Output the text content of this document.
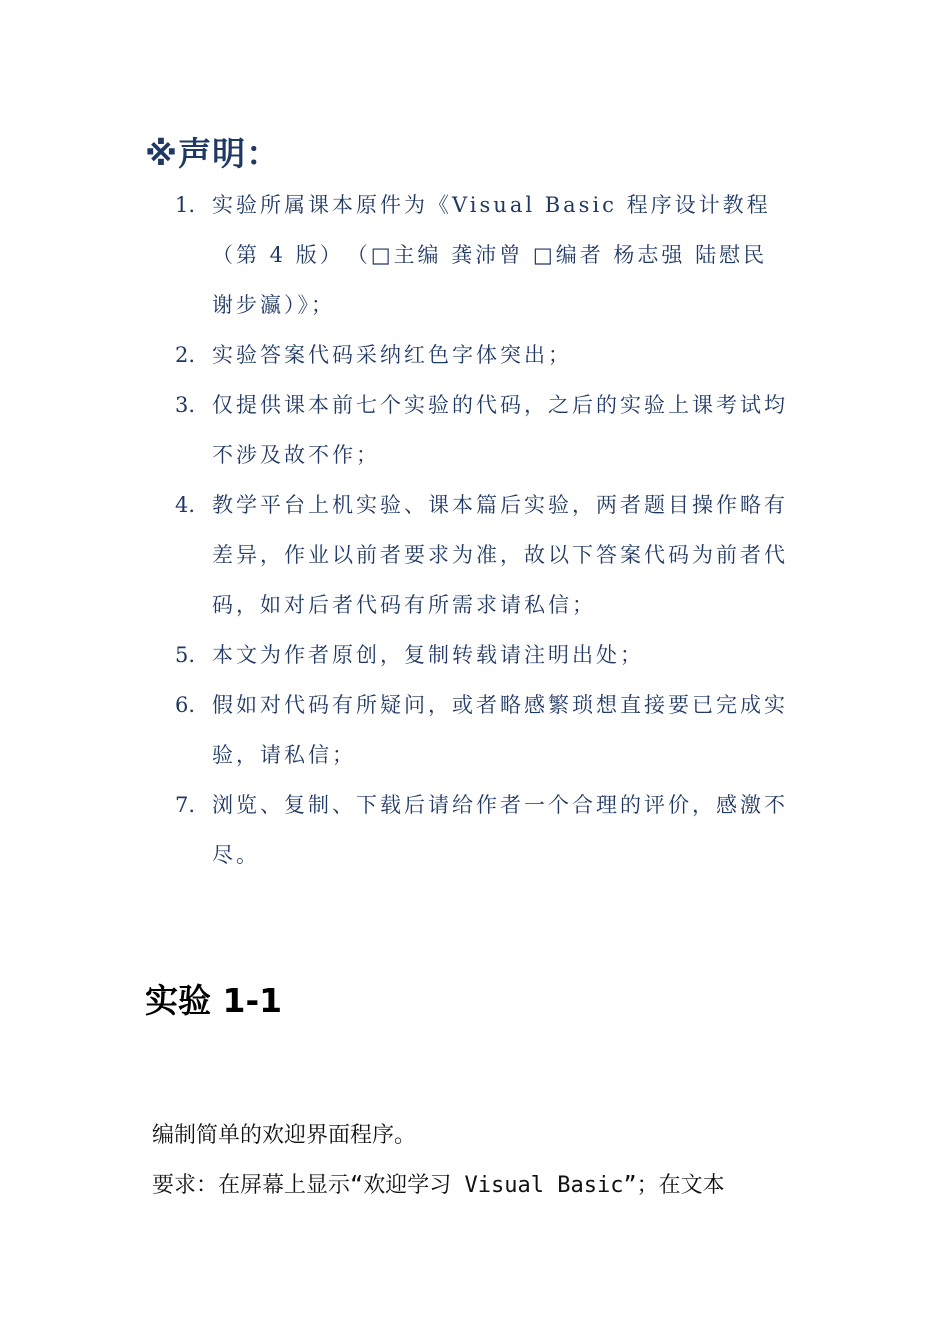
※声明：
1. 实验所属课本原件为《Visual Basic 程序设计教程（第 4 版）　（□主编 龚沛曾 □编者 杨志强 陆慰民 谢步瀛）》；
2. 实验答案代码采纳红色字体突出；
3. 仅提供课本前七个实验的代码，之后的实验上课考试均不涉及故不作；
4. 教学平台上机实验、课本篇后实验，两者题目操作略有差异，作业以前者要求为准，故以下答案代码为前者代码，如对后者代码有所需求请私信；
5. 本文为作者原创，复制转载请注明出处；
6. 假如对代码有所疑问，或者略感繁琐想直接要已完成实验，请私信；
7. 浏览、复制、下载后请给作者一个合理的评价，感激不尽。
实验 1-1

编制简单的欢迎界面程序。

要求：在屏幕上显示“欢迎学习 Visual Basic”；在文本
